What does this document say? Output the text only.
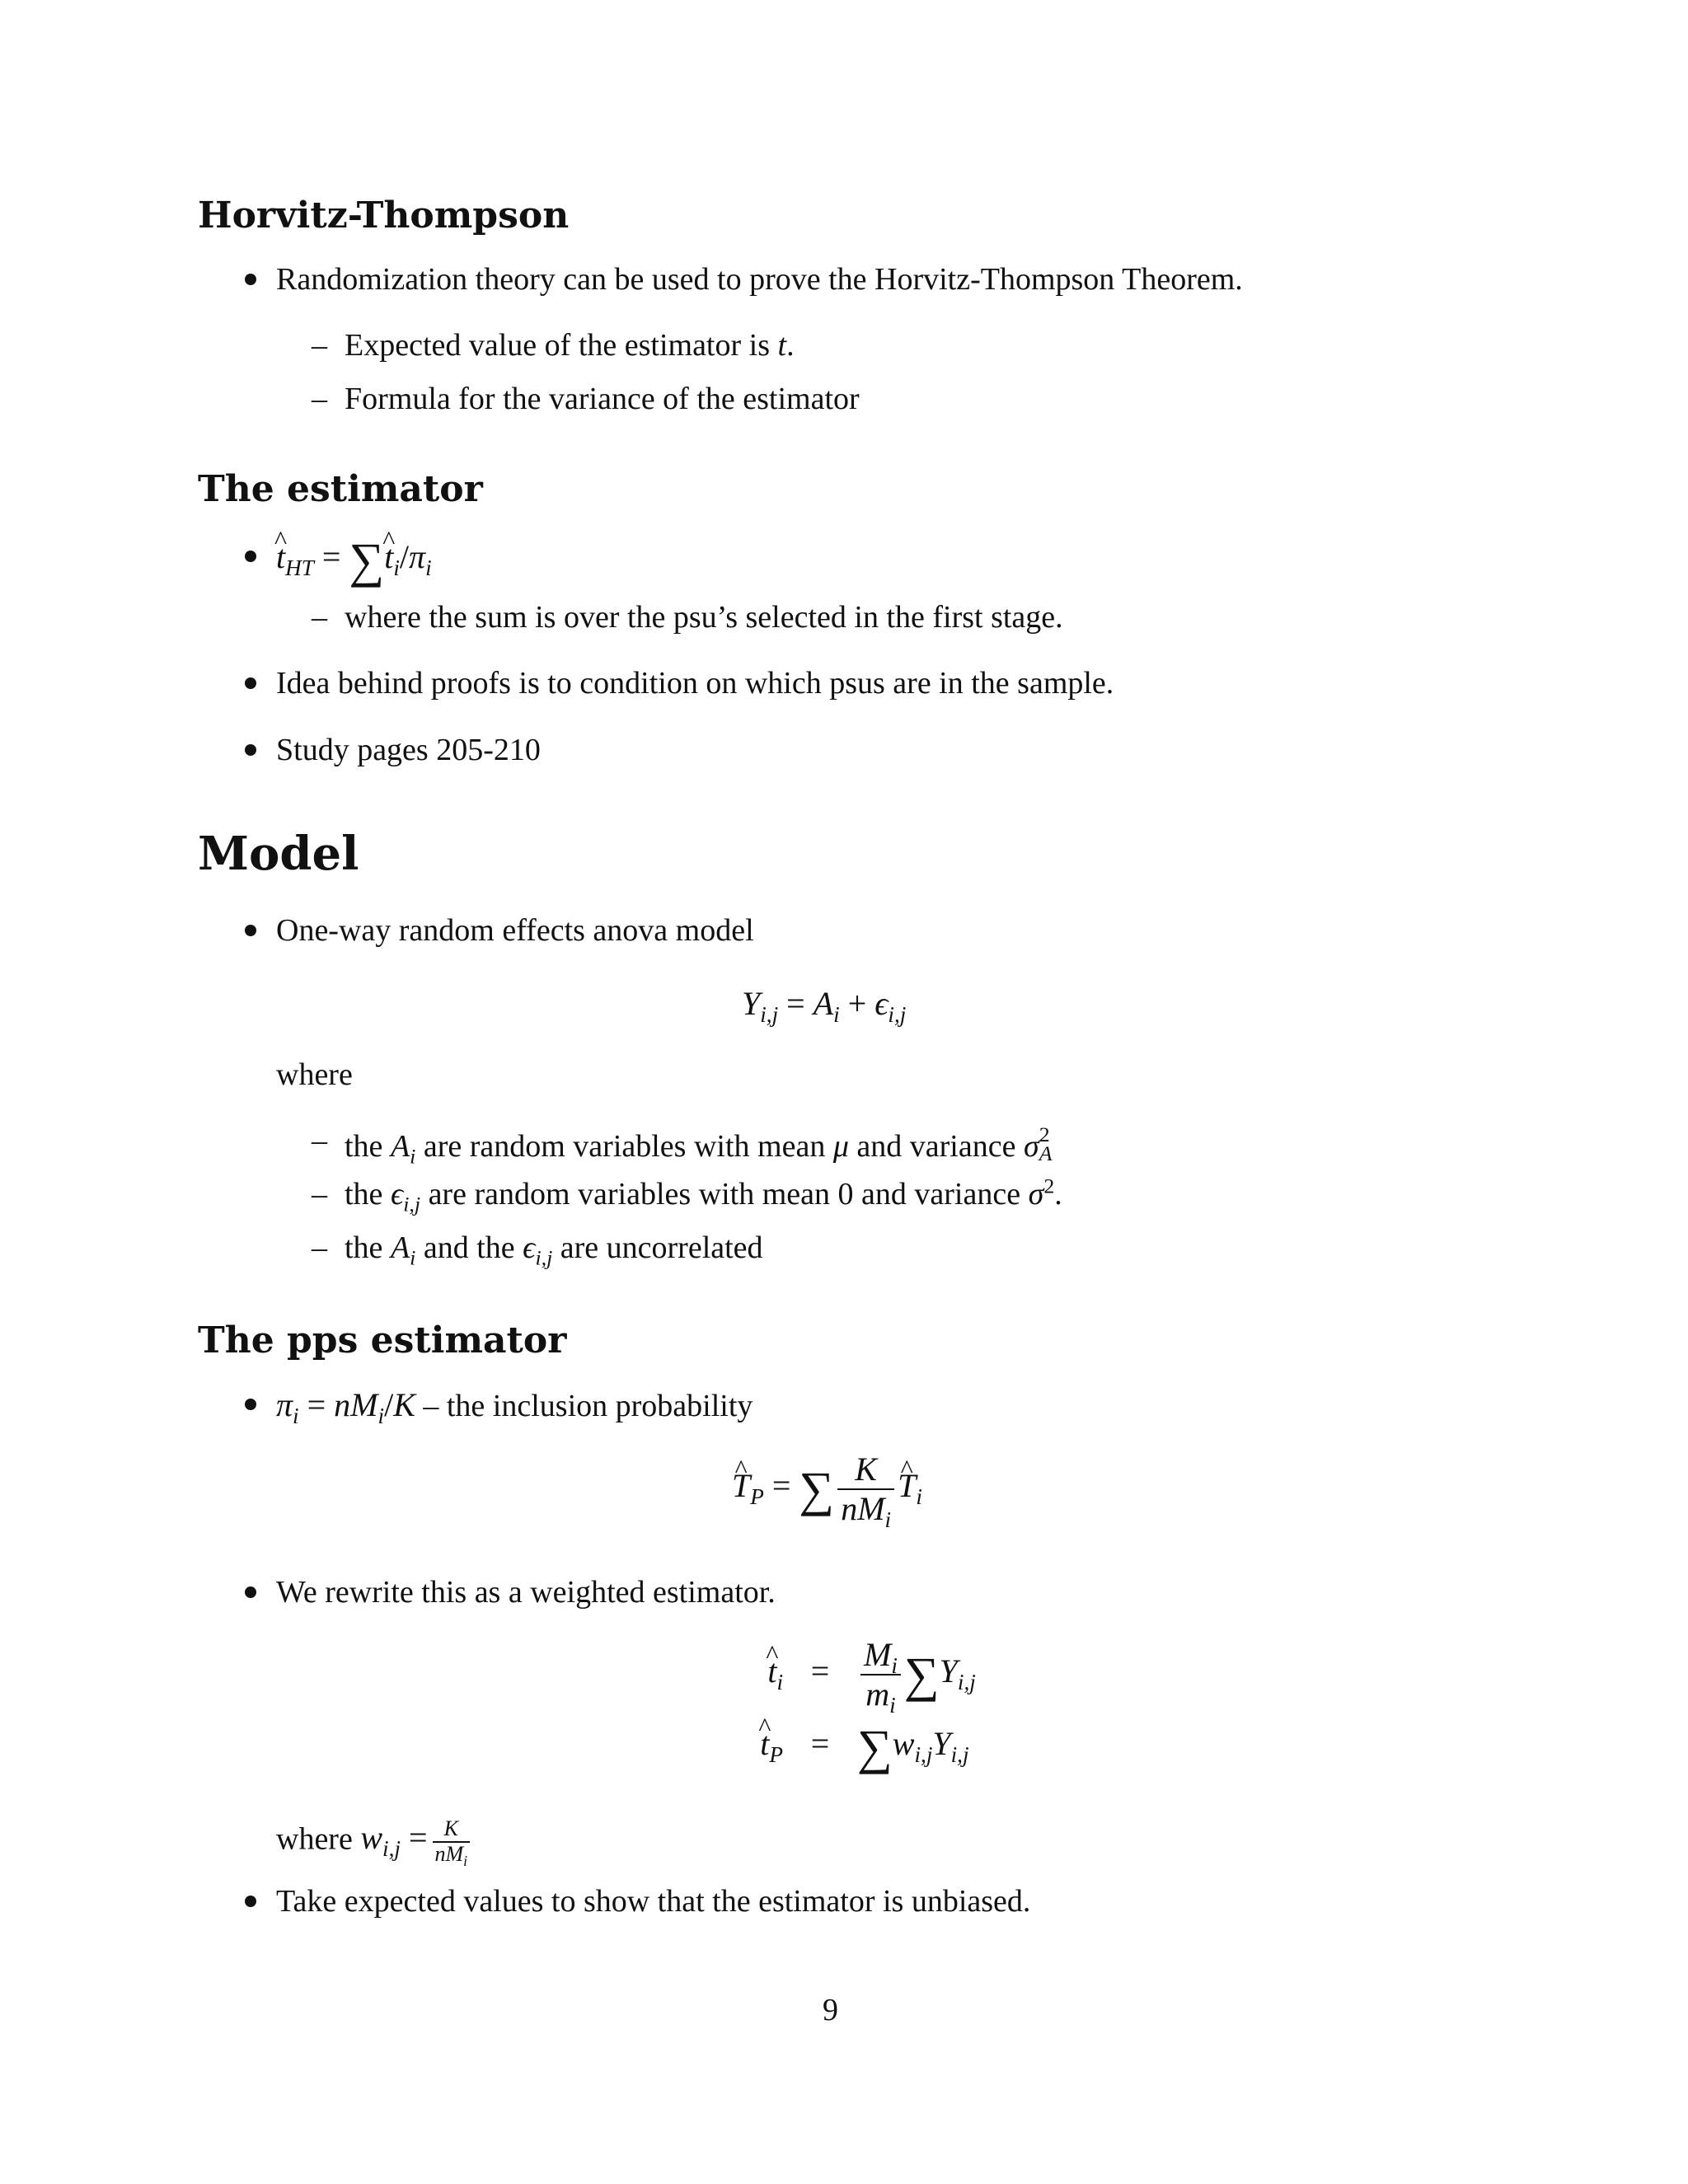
Horvitz-Thompson
Randomization theory can be used to prove the Horvitz-Thompson Theorem.
– Expected value of the estimator is t.
– Formula for the variance of the estimator
The estimator
^ $t_{HT}$ = ∑^ $t_i/\pi_i$
– where the sum is over the psu’s selected in the first stage.
Idea behind proofs is to condition on which psus are in the sample.
Study pages 205-210
Model
One-way random effects anova model
$Y_{i,j} = A_i + \epsilon_{i,j}$
where
– the $A_i$ are random variables with mean μ and variance σ 2
A
– the $\epsilon_{i,j}$ are random variables with mean 0 and variance $\sigma^2$.
– the $A_i$ and the $\epsilon_{i,j}$ are uncorrelated
The pps estimator
$\pi_i = nM_i/K$ – the inclusion probability
^ $T_P$ = ∑ $\frac{K}{nM_i}$
^ $T_i$
We rewrite this as a weighted estimator.
^ $t_i = \frac{M_i}{m_i} \sum Y_{i,j}$
^ $t_P = \sum w_{i,j}Y_{i,j}$
where $w_{i,j} = \frac{K}{nM_i}$
Take expected values to show that the estimator is unbiased.
9
